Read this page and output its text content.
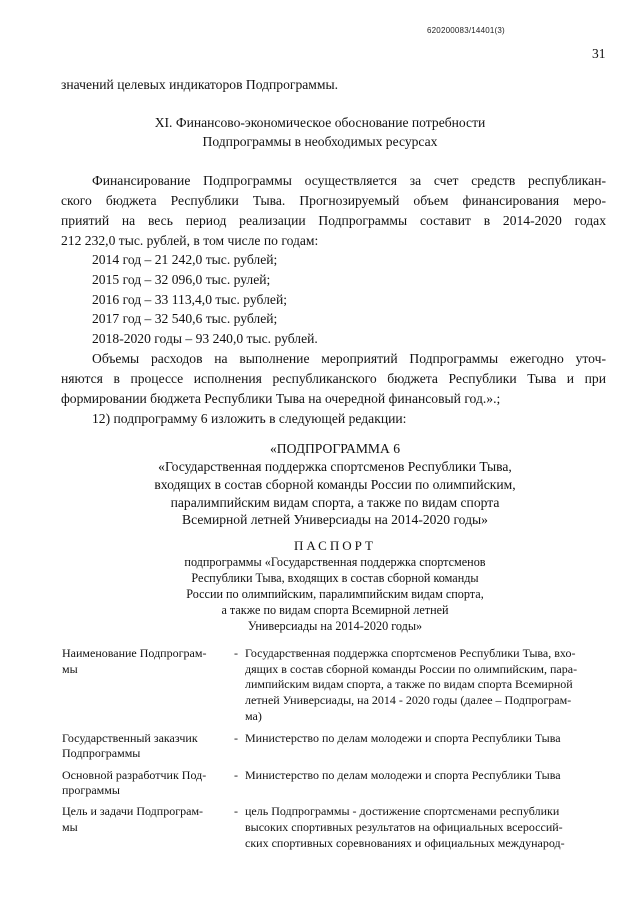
620200083/14401(3)
31
значений целевых индикаторов Подпрограммы.
XI. Финансово-экономическое обоснование потребности
Подпрограммы в необходимых ресурсах
Финансирование Подпрограммы осуществляется за счет средств республикан-
ского бюджета Республики Тыва. Прогнозируемый объем финансирования меро-
приятий на весь период реализации Подпрограммы составит в 2014-2020 годах
212 232,0 тыс. рублей, в том числе по годам:
2014 год – 21 242,0 тыс. рублей;
2015 год – 32 096,0 тыс. рулей;
2016 год – 33 113,4,0 тыс. рублей;
2017 год – 32 540,6 тыс. рублей;
2018-2020 годы – 93 240,0 тыс. рублей.
Объемы расходов на выполнение мероприятий Подпрограммы ежегодно уточ-
няются в процессе исполнения республиканского бюджета Республики Тыва и при
формировании бюджета Республики Тыва на очередной финансовый год.».;
12) подпрограмму 6 изложить в следующей редакции:
«ПОДПРОГРАММА 6
«Государственная поддержка спортсменов Республики Тыва,
входящих в состав сборной команды России по олимпийским,
паралимпийским видам спорта, а также по видам спорта
Всемирной летней Универсиады на 2014-2020 годы»
ПАСПОРТ
подпрограммы «Государственная поддержка спортсменов
Республики Тыва, входящих в состав сборной команды
России по олимпийским, паралимпийским видам спорта,
а также по видам спорта Всемирной летней
Универсиады на 2014-2020 годы»
Наименование Подпрограм-
мы
- Государственная поддержка спортсменов Республики Тыва, вхо-
дящих в состав сборной команды России по олимпийским, пара-
лимпийским видам спорта, а также по видам спорта Всемирной
летней Универсиады, на 2014 - 2020 годы (далее – Подпрограм-
ма)
Государственный заказчик
Подпрограммы
- Министерство по делам молодежи и спорта Республики Тыва
Основной разработчик Под-
программы
- Министерство по делам молодежи и спорта Республики Тыва
Цель и задачи Подпрограм-
мы
- цель Подпрограммы - достижение спортсменами республики
высоких спортивных результатов на официальных всероссий-
ских спортивных соревнованиях и официальных международ-
